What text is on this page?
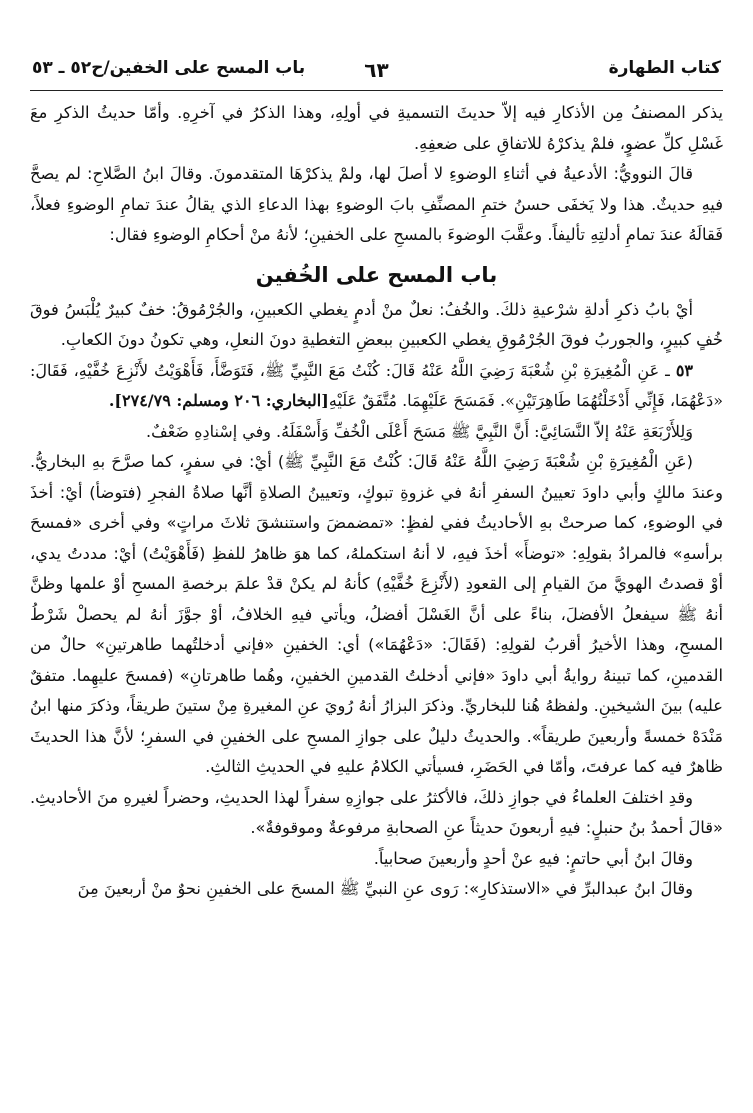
كتاب الطهارة
٦٣
باب المسح على الخفين/ح٥٢ ـ ٥٣

يذكر المصنفُ مِن الأذكارِ فيه إلاّ حديثَ التسميةِ في أولِهِ، وهذا الذكرُ في آخرِهِ. وأمّا حديثُ الذكرِ معَ غَسْلِ كلِّ عضوٍ، فلمْ يذكرْهُ للاتفاقِ على ضعفِهِ.

قالَ النوويُّ: الأدعيةُ في أثناءِ الوضوءِ لا أصلَ لها، ولمْ يذكرْهَا المتقدمونَ. وقالَ ابنُ الصَّلاحِ: لم يصحَّ فيهِ حديثٌ. هذا ولا يَخفَى حسنُ ختمِ المصنِّفِ بابَ الوضوءِ بهذا الدعاءِ الذي يقالُ عندَ تمامِ الوضوءِ فعلاً، فَقالَهُ عندَ تمامِ أدلتِهِ تأليفاً. وعقَّبَ الوضوءَ بالمسحِ على الخفينِ؛ لأنهُ منْ أحكامِ الوضوءِ فقال:

باب المسح على الخُفين

أيْ بابُ ذكرِ أدلةِ شرْعيةِ ذلكَ. والخُفُ: نعلٌ منْ أدمٍ يغطي الكعبينِ، والجُرْمُوقُ: خفٌ كبيرٌ يُلْبَسُ فوقَ خُفٍ كبيرٍ، والجوربُ فوقَ الجُرْمُوقِ يغطي الكعبينِ ببعضِ التغطيةِ دونَ النعلِ، وهي تكونُ دونَ الكعابِ.

٥٣ ـ عَنِ الْمُغِيرَةِ بْنِ شُعْبَةَ رَضِيَ اللَّهُ عَنْهُ قَالَ: كُنْتُ مَعَ النَّبِيِّ ﷺ، فَتَوَضَّأَ، فَأَهْوَيْتُ لأَنْزِعَ خُفَّيْهِ، فَقَالَ: «دَعْهُمَا، فَإِنِّي أَدْخَلْتُهُمَا طَاهِرَتَيْنِ». فَمَسَحَ عَلَيْهِمَا. مُتَّفَقٌ عَلَيْهِ[البخاري: ٢٠٦ ومسلم: ٢٧٤/٧٩].

وَلِلأَرْبَعَةِ عَنْهُ إلاّ النَّسَائِيَّ: أَنَّ النَّبِيَّ ﷺ مَسَحَ أَعْلَى الْخُفِّ وَأَسْفَلَهُ. وفي إسْنادِهِ ضَعْفٌ.

(عَنِ الْمُغِيرَةِ بْنِ شُعْبَةَ رَضِيَ اللَّهُ عَنْهُ قَالَ: كُنْتُ مَعَ النَّبِيِّ ﷺ) أيْ: في سفرٍ، كما صرَّحَ بهِ البخاريُّ. وعندَ مالكٍ وأبي داودَ تعيينُ السفرِ أنهُ في غزوةِ تبوكٍ، وتعيينُ الصلاةِ أنَّها صلاةُ الفجرِ (فتوضأ) أيْ: أخذَ في الوضوءِ، كما صرحتْ بهِ الأحاديثُ ففي لفظٍ: «تمضمضَ واستنشقَ ثلاثَ مراتٍ» وفي أخرى «فمسحَ برأسهِ» فالمرادُ بقولِهِ: «توضأَ» أخذَ فيهِ، لا أنهُ استكملهُ، كما هوَ ظاهرُ للفظِ (فَأَهْوَيْتُ) أيْ: مددتُ يدي، أوْ قصدتُ الهويَّ منَ القيامِ إلى القعودِ (لأَنْزِعَ خُفَّيْهِ) كأنهُ لم يكنْ قدْ علمَ برخصةِ المسحِ أوْ علمها وظنَّ أنهُ ﷺ سيفعلُ الأفضلَ، بناءً على أنَّ الغَسْلَ أفضلُ، ويأتي فيهِ الخلافُ، أوْ جوَّزَ أنهُ لم يحصلْ شَرْطُ المسحِ، وهذا الأخيرُ أقربُ لقولِهِ: (فَقَالَ: «دَعْهُمَا») أي: الخفينِ «فإني أدخلتُهما طاهرتينِ» حالٌ من القدمينِ، كما تبينهُ روايةُ أبي داودَ «فإني أدخلتُ القدمينِ الخفينِ، وهُما طاهرتانِ» (فمسحَ عليهِما. متفقٌ عليه) بينَ الشيخينِ. ولفظهُ هُنا للبخاريِّ. وذكرَ البزارُ أنهُ رُويَ عنِ المغيرةِ مِنْ ستينَ طريقاً، وذكرَ منها ابنُ مَنْدَهْ خمسةً وأربعينَ طريقاً». والحديثُ دليلٌ على جوازِ المسحِ على الخفينِ في السفرِ؛ لأنَّ هذا الحديثَ ظاهرٌ فيه كما عرفتَ، وأمّا في الحَضَرِ، فسيأتي الكلامُ عليهِ في الحديثِ الثالثِ.

وقدِ اختلفَ العلماءُ في جوازِ ذلكَ، فالأكثرُ على جوازِهِ سفراً لهذا الحديثِ، وحضراً لغيرهِ منَ الأحاديثِ. «قالَ أحمدُ بنُ حنبلٍ: فيهِ أربعونَ حديثاً عنِ الصحابةِ مرفوعةٌ وموقوفةٌ».

وقالَ ابنُ أبي حاتمٍ: فيهِ عنْ أحدٍ وأربعينَ صحابياً.

وقالَ ابنُ عبدالبرِّ في «الاستذكارِ»: رَوى عنِ النبيِّ ﷺ المسحَ على الخفينِ نحوٌ منْ أربعينَ مِنَ
